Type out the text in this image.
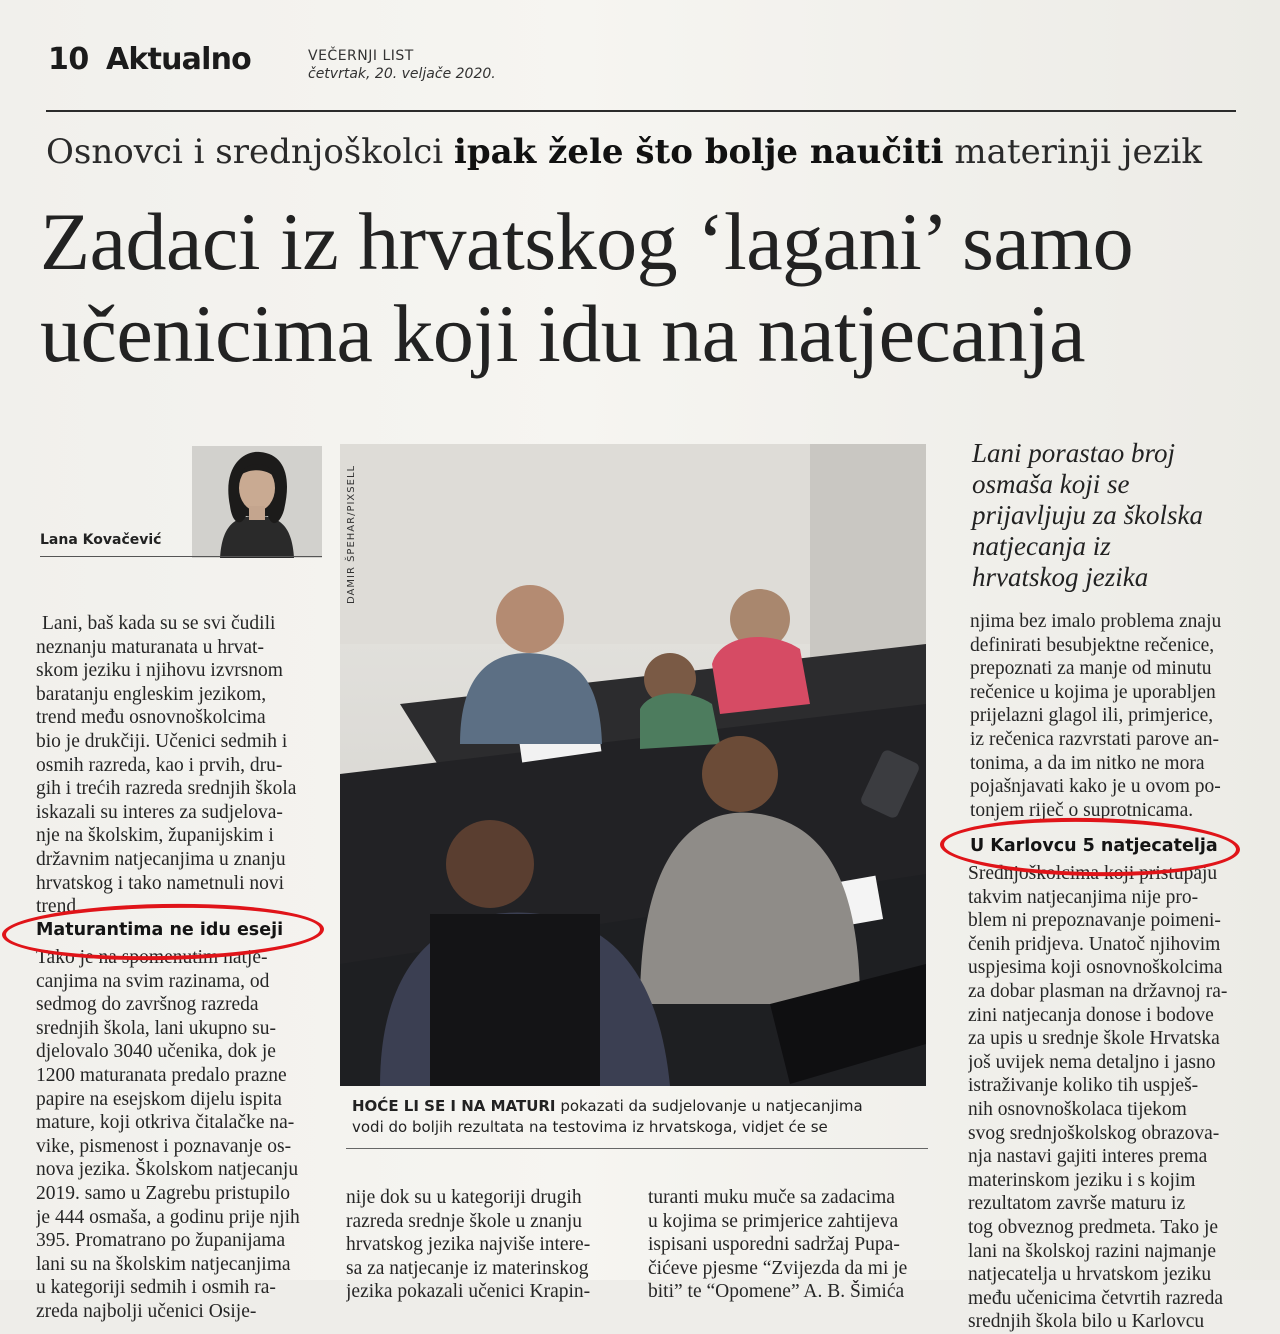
10 Aktualno	VEČERNJI LIST
četvrtak, 20. veljače 2020.
Osnovci i srednjoškolci ipak žele što bolje naučiti materinji jezik
Zadaci iz hrvatskog ‘lagani’ samo
učenicima koji idu na natjecanja
Lana Kovačević
Lani, baš kada su se svi čudili
neznanju maturanata u hrvat-
skom jeziku i njihovu izvrsnom
baratanju engleskim jezikom,
trend među osnovnoškolcima
bio je drukčiji. Učenici sedmih i
osmih razreda, kao i prvih, dru-
gih i trećih razreda srednjih škola
iskazali su interes za sudjelova-
nje na školskim, županijskim i
državnim natjecanjima u znanju
hrvatskog i tako nametnuli novi
trend.
Maturantima ne idu eseji
Tako je na spomenutim natje-
canjima na svim razinama, od
sedmog do završnog razreda
srednjih škola, lani ukupno su-
djelovalo 3040 učenika, dok je
1200 maturanata predalo prazne
papire na esejskom dijelu ispita
mature, koji otkriva čitalačke na-
vike, pismenost i poznavanje os-
nova jezika. Školskom natjecanju
2019. samo u Zagrebu pristupilo
je 444 osmaša, a godinu prije njih
395. Promatrano po županijama
lani su na školskim natjecanjima
u kategoriji sedmih i osmih ra-
zreda najbolji učenici Osije-
DAMIR ŠPEHAR/PIXSELL
HOĆE LI SE I NA MATURI pokazati da sudjelovanje u natjecanjima
vodi do boljih rezultata na testovima iz hrvatskoga, vidjet će se
nije dok su u kategoriji drugih
razreda srednje škole u znanju
hrvatskog jezika najviše intere-
sa za natjecanje iz materinskog
jezika pokazali učenici Krapin-
turanti muku muče sa zadacima
u kojima se primjerice zahtijeva
ispisani usporedni sadržaj Pupa-
čićeve pjesme “Zvijezda da mi je
biti” te “Opomene” A. B. Šimića
Lani porastao broj
osmaša koji se
prijavljuju za školska
natjecanja iz
hrvatskog jezika
njima bez imalo problema znaju
definirati besubjektne rečenice,
prepoznati za manje od minutu
rečenice u kojima je uporabljen
prijelazni glagol ili, primjerice,
iz rečenica razvrstati parove an-
tonima, a da im nitko ne mora
pojašnjavati kako je u ovom po-
tonjem riječ o suprotnicama.
U Karlovcu 5 natjecatelja
Srednjoškolcima koji pristupaju
takvim natjecanjima nije pro-
blem ni prepoznavanje poimeni-
čenih pridjeva. Unatoč njihovim
uspjesima koji osnovnoškolcima
za dobar plasman na državnoj ra-
zini natjecanja donose i bodove
za upis u srednje škole Hrvatska
još uvijek nema detaljno i jasno
istraživanje koliko tih uspješ-
nih osnovnoškolaca tijekom
svog srednjoškolskog obrazova-
nja nastavi gajiti interes prema
materinskom jeziku i s kojim
rezultatom završe maturu iz
tog obveznog predmeta. Tako je
lani na školskoj razini najmanje
natjecatelja u hrvatskom jeziku
među učenicima četvrtih razreda
srednjih škola bilo u Karlovcu
